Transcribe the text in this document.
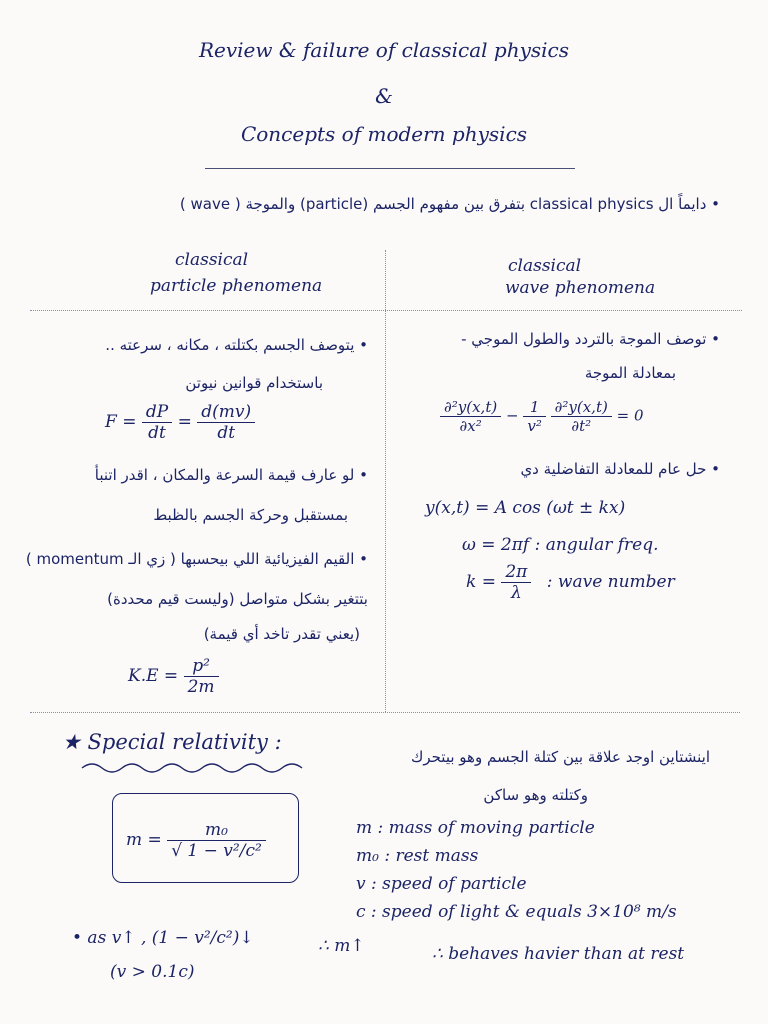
Review & failure of classical physics
&
Concepts of modern physics
• دايماً ال classical physics بتفرق بين مفهوم الجسم (particle) والموجة ( wave )
classical
particle phenomena
classical
wave phenomena
• يتوصف الجسم بكتلته ، مكانه ، سرعته ..
باستخدام قوانين نيوتن
$F = \frac{dP}{dt} = \frac{d(mv)}{dt}$
• لو عارف قيمة السرعة والمكان ، اقدر اتنبأ
بمستقبل وحركة الجسم بالظبط
• القيم الفيزيائية اللي بيحسبها ( زي الـ momentum )
بتتغير بشكل متواصل (وليست قيم محددة)
(يعني تقدر تاخد أي قيمة)
$K.E = \frac{\text{p²}}{2m}$
• توصف الموجة بالتردد والطول الموجي -
بمعادلة الموجة
$\frac{\text{∂²y(x,t)}}{\text{∂x²}} - \frac{1}{\text{v²}}$
$\frac{\text{∂²y(x,t)}}{\text{∂t²}} = 0$
• حل عام للمعادلة التفاضلية دي
y(x,t) = A cos (ωt ± kx)
ω = 2πf : angular freq.
$k = \frac{2\pi}{\lambda}$ : wave number
★ Special relativity :
اينشتاين اوجد علاقة بين كتلة الجسم وهو بيتحرك
وكتلته وهو ساكن
$m = \frac{\text{m₀}}{\text{√ 1 − v²/c²}}$	m : mass of moving particle
m₀ : rest mass
v : speed of particle
c : speed of light & equals 3×10⁸ m/s
• as v↑ , (1 − v²/c²)↓	∴ m↑	∴ behaves havier than at rest
(v > 0.1c)
